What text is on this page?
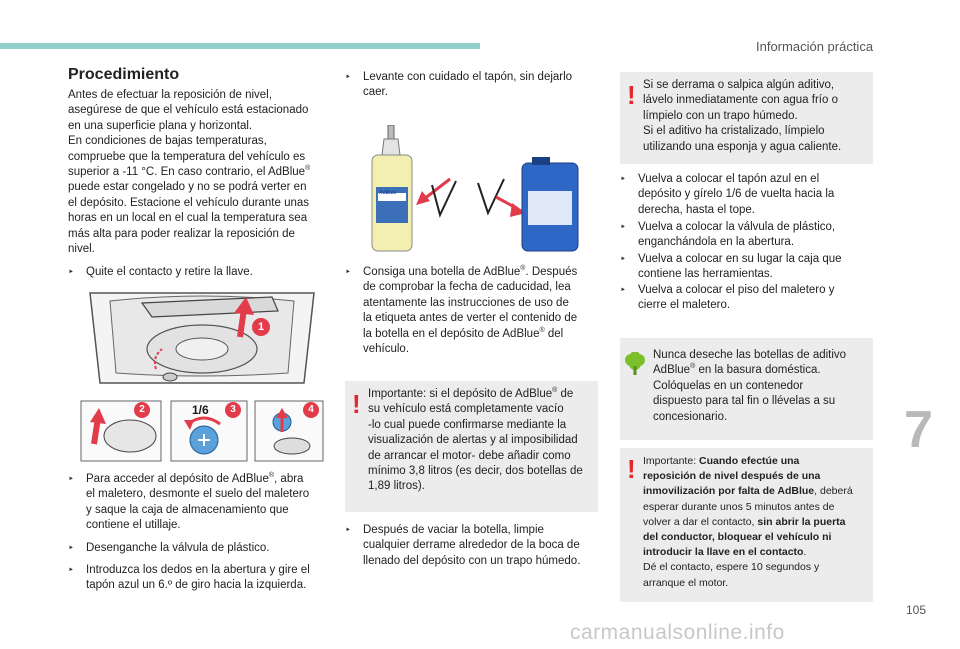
Información práctica
7
105
carmanualsonline.info
Procedimiento
Antes de efectuar la reposición de nivel,
asegúrese de que el vehículo está estacionado
en una superficie plana y horizontal.
En condiciones de bajas temperaturas,
compruebe que la temperatura del vehículo es
superior a -11 °C. En caso contrario, el AdBlue®
puede estar congelado y no se podrá verter en
el depósito. Estacione el vehículo durante unas
horas en un local en el cual la temperatura sea
más alta para poder realizar la reposición de
nivel.
‣ Quite el contacto y retire la llave.
1
2	1/6	3	4
‣ Para acceder al depósito de AdBlue®, abra
el maletero, desmonte el suelo del maletero
y saque la caja de almacenamiento que
contiene el utillaje.
‣ Desenganche la válvula de plástico.
‣ Introduzca los dedos en la abertura y gire el
tapón azul un 6.º de giro hacia la izquierda.
‣ Levante con cuidado el tapón, sin dejarlo
caer.
AdBlue
‣ Consiga una botella de AdBlue®. Después
de comprobar la fecha de caducidad, lea
atentamente las instrucciones de uso de
la etiqueta antes de verter el contenido de
la botella en el depósito de AdBlue® del
vehículo.
! Importante: si el depósito de AdBlue® de
su vehículo está completamente vacío
-lo cual puede confirmarse mediante la
visualización de alertas y al imposibilidad
de arrancar el motor- debe añadir como
mínimo 3,8 litros (es decir, dos botellas de
1,89 litros).
‣ Después de vaciar la botella, limpie
cualquier derrame alrededor de la boca de
llenado del depósito con un trapo húmedo.
! Si se derrama o salpica algún aditivo,
lávelo inmediatamente con agua frío o
límpielo con un trapo húmedo.
Si el aditivo ha cristalizado, límpielo
utilizando una esponja y agua caliente.
‣ Vuelva a colocar el tapón azul en el
depósito y gírelo 1/6 de vuelta hacia la
derecha, hasta el tope.
‣ Vuelva a colocar la válvula de plástico,
enganchándola en la abertura.
‣ Vuelva a colocar en su lugar la caja que
contiene las herramientas.
‣ Vuelva a colocar el piso del maletero y
cierre el maletero.
Nunca deseche las botellas de aditivo
AdBlue® en la basura doméstica.
Colóquelas en un contenedor
dispuesto para tal fin o llévelas a su
concesionario.
! Importante: Cuando efectúe una
reposición de nivel después de una
inmovilización por falta de AdBlue, deberá
esperar durante unos 5 minutos antes de
volver a dar el contacto, sin abrir la puerta
del conductor, bloquear el vehículo ni
introducir la llave en el contacto.
Dé el contacto, espere 10 segundos y
arranque el motor.
